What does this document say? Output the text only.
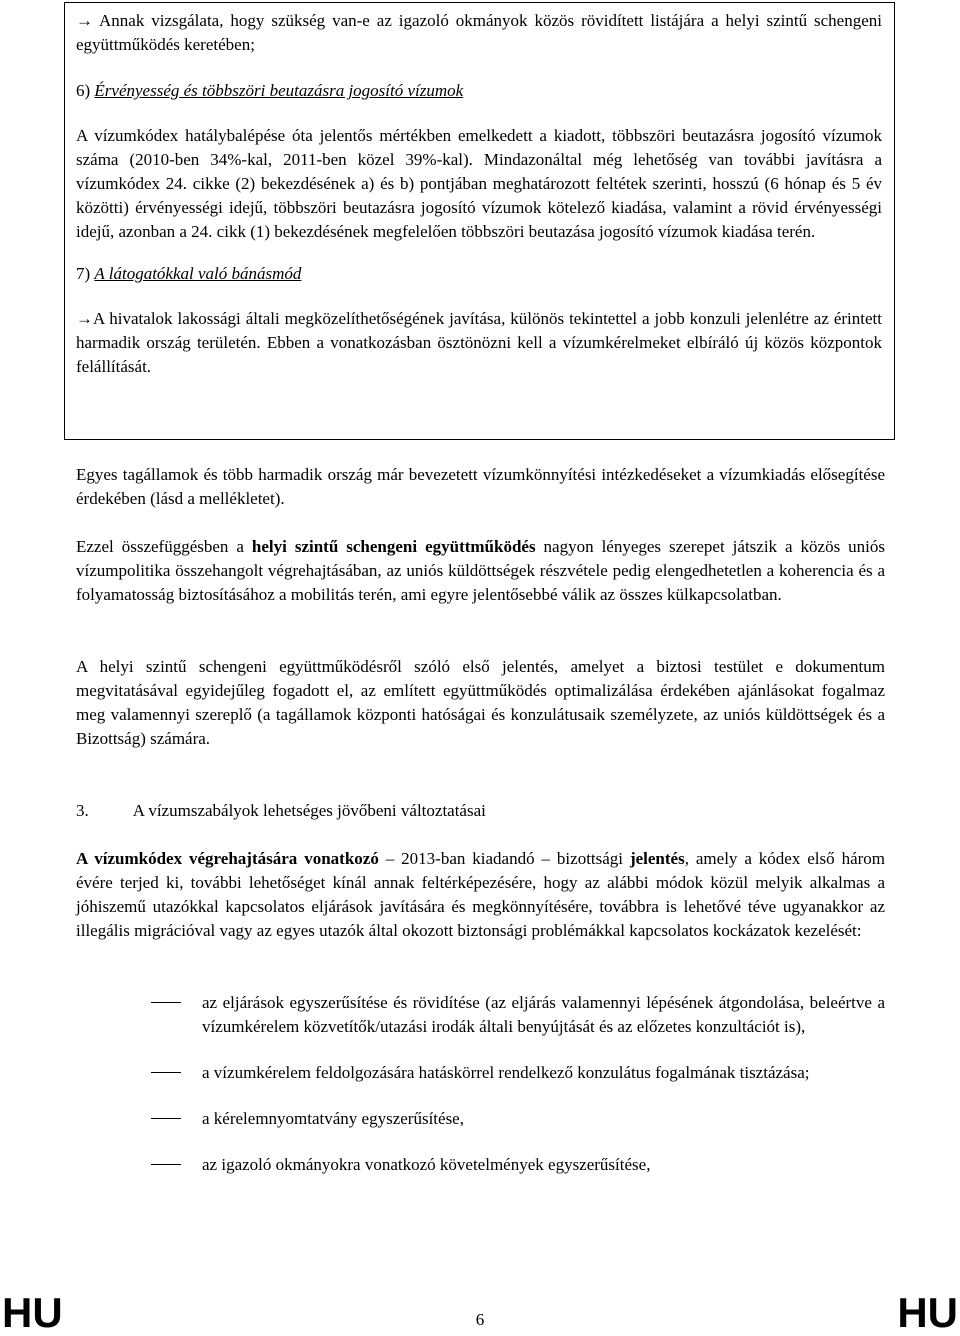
→ Annak vizsgálata, hogy szükség van-e az igazoló okmányok közös rövidített listájára a helyi szintű schengeni együttműködés keretében;

6) Érvényesség és többszöri beutazásra jogosító vízumok

A vízumkódex hatálybalépése óta jelentős mértékben emelkedett a kiadott, többszöri beutazásra jogosító vízumok száma (2010-ben 34%-kal, 2011-ben közel 39%-kal). Mindazonáltal még lehetőség van további javításra a vízumkódex 24. cikke (2) bekezdésének a) és b) pontjában meghatározott feltétek szerinti, hosszú (6 hónap és 5 év közötti) érvényességi idejű, többszöri beutazásra jogosító vízumok kötelező kiadása, valamint a rövid érvényességi idejű, azonban a 24. cikk (1) bekezdésének megfelelően többszöri beutazása jogosító vízumok kiadása terén.

7) A látogatókkal való bánásmód

→A hivatalok lakossági általi megközelíthetőségének javítása, különös tekintettel a jobb konzuli jelenlétre az érintett harmadik ország területén. Ebben a vonatkozásban ösztönözni kell a vízumkérelmeket elbíráló új közös központok felállítását.

Egyes tagállamok és több harmadik ország már bevezetett vízumkönnyítési intézkedéseket a vízumkiadás elősegítése érdekében (lásd a mellékletet).

Ezzel összefüggésben a helyi szintű schengeni együttműködés nagyon lényeges szerepet játszik a közös uniós vízumpolitika összehangolt végrehajtásában, az uniós küldöttségek részvétele pedig elengedhetetlen a koherencia és a folyamatosság biztosításához a mobilitás terén, ami egyre jelentősebbé válik az összes külkapcsolatban.

A helyi szintű schengeni együttműködésről szóló első jelentés, amelyet a biztosi testület e dokumentum megvitatásával egyidejűleg fogadott el, az említett együttműködés optimalizálása érdekében ajánlásokat fogalmaz meg valamennyi szereplő (a tagállamok központi hatóságai és konzulátusaik személyzete, az uniós küldöttségek és a Bizottság) számára.

3.	A vízumszabályok lehetséges jövőbeni változtatásai

A vízumkódex végrehajtására vonatkozó – 2013-ban kiadandó – bizottsági jelentés, amely a kódex első három évére terjed ki, további lehetőséget kínál annak feltérképezésére, hogy az alábbi módok közül melyik alkalmas a jóhiszemű utazókkal kapcsolatos eljárások javítására és megkönnyítésére, továbbra is lehetővé téve ugyanakkor az illegális migrációval vagy az egyes utazók által okozott biztonsági problémákkal kapcsolatos kockázatok kezelését:

az eljárások egyszerűsítése és rövidítése (az eljárás valamennyi lépésének átgondolása, beleértve a vízumkérelem közvetítők/utazási irodák általi benyújtását és az előzetes konzultációt is),
a vízumkérelem feldolgozására hatáskörrel rendelkező konzulátus fogalmának tisztázása;
a kérelemnyomtatvány egyszerűsítése,
az igazoló okmányokra vonatkozó követelmények egyszerűsítése,
HU	6	HU
